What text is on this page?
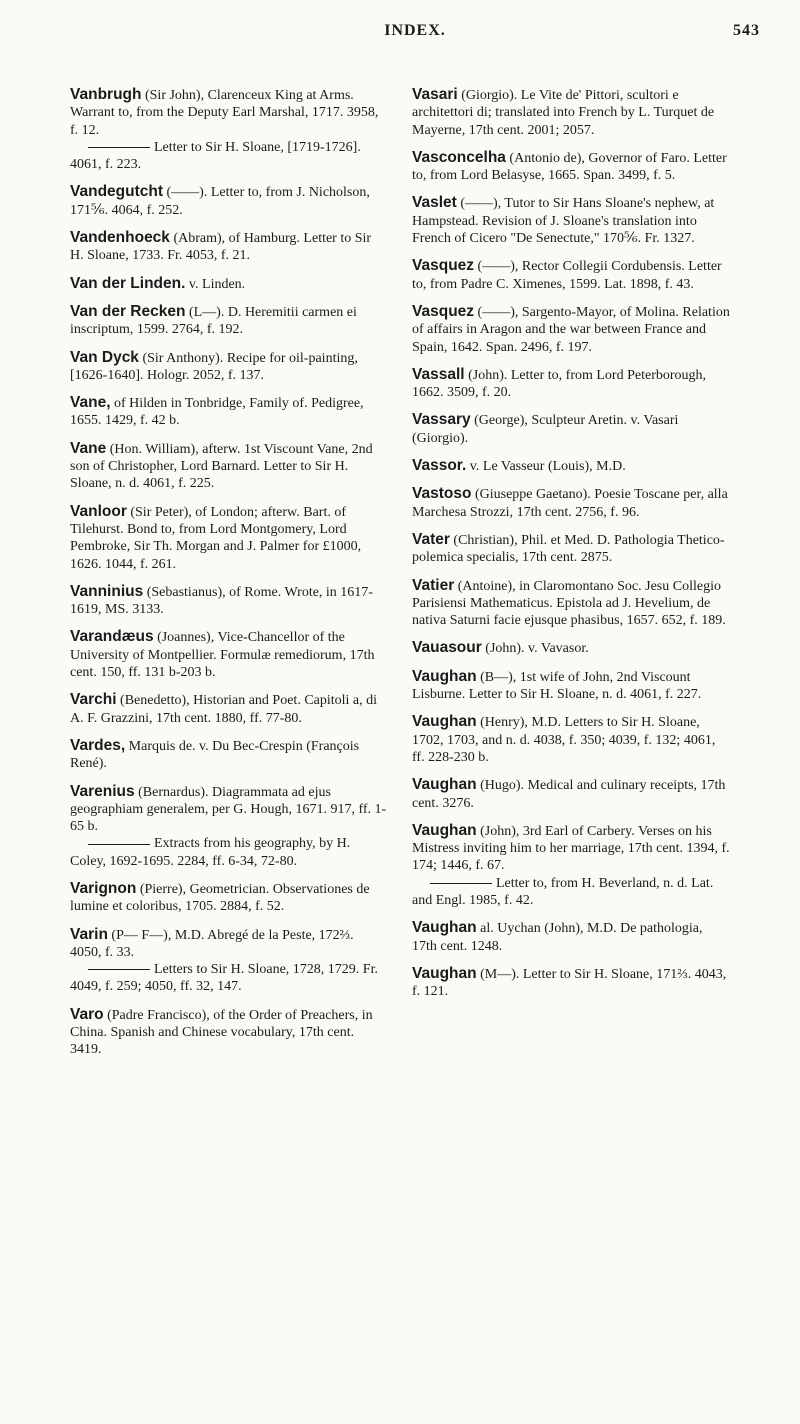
INDEX.	543
Vanbrugh (Sir John), Clarenceux King at Arms. Warrant to, from the Deputy Earl Marshal, 1717. 3958, f. 12.
Letter to Sir H. Sloane, [1719-1726]. 4061, f. 223.
Vandegutcht (——). Letter to, from J. Nicholson, 171⅚. 4064, f. 252.
Vandenhoeck (Abram), of Hamburg. Letter to Sir H. Sloane, 1733. Fr. 4053, f. 21.
Van der Linden. v. Linden.
Van der Recken (L—). D. Heremitii carmen ei inscriptum, 1599. 2764, f. 192.
Van Dyck (Sir Anthony). Recipe for oil-painting,[1626-1640]. Hologr. 2052, f. 137.
Vane, of Hilden in Tonbridge, Family of. Pedigree, 1655. 1429, f. 42 b.
Vane (Hon. William), afterw. 1st Viscount Vane, 2nd son of Christopher, Lord Barnard. Letter to Sir H. Sloane, n. d. 4061, f. 225.
Vanloor (Sir Peter), of London; afterw. Bart. of Tilehurst. Bond to, from Lord Montgomery, Lord Pembroke, Sir Th. Morgan and J. Palmer for £1000, 1626. 1044, f. 261.
Vanninius (Sebastianus), of Rome. Wrote, in 1617-1619, MS. 3133.
Varandæus (Joannes), Vice-Chancellor of the University of Montpellier. Formulæ remediorum, 17th cent. 150, ff. 131 b-203 b.
Varchi (Benedetto), Historian and Poet. Capitoli a, di A. F. Grazzini, 17th cent. 1880, ff. 77-80.
Vardes, Marquis de. v. Du Bec-Crespin (François René).
Varenius (Bernardus). Diagrammata ad ejus geographiam generalem, per G. Hough, 1671. 917, ff. 1-65 b.
Extracts from his geography, by H. Coley, 1692-1695. 2284, ff. 6-34, 72-80.
Varignon (Pierre), Geometrician. Observationes de lumine et coloribus, 1705. 2884, f. 52.
Varin (P— F—), M.D. Abregé de la Peste, 172⅔. 4050, f. 33.
Letters to Sir H. Sloane, 1728, 1729. Fr. 4049, f. 259; 4050, ff. 32, 147.
Varo (Padre Francisco), of the Order of Preachers, in China. Spanish and Chinese vocabulary, 17th cent. 3419.
Vasari (Giorgio). Le Vite de' Pittori, scultori e architettori di; translated into French by L. Turquet de Mayerne, 17th cent. 2001; 2057.
Vasconcelha (Antonio de), Governor of Faro. Letter to, from Lord Belasyse, 1665. Span. 3499, f. 5.
Vaslet (——), Tutor to Sir Hans Sloane's nephew, at Hampstead. Revision of J. Sloane's translation into French of Cicero "De Senectute," 170⅚. Fr. 1327.
Vasquez (——), Rector Collegii Cordubensis. Letter to, from Padre C. Ximenes, 1599. Lat. 1898, f. 43.
Vasquez (——), Sargento-Mayor, of Molina. Relation of affairs in Aragon and the war between France and Spain, 1642. Span. 2496, f. 197.
Vassall (John). Letter to, from Lord Peterborough, 1662. 3509, f. 20.
Vassary (George), Sculpteur Aretin. v. Vasari (Giorgio).
Vassor. v. Le Vasseur (Louis), M.D.
Vastoso (Giuseppe Gaetano). Poesie Toscane per, alla Marchesa Strozzi, 17th cent. 2756, f. 96.
Vater (Christian), Phil. et Med. D. Pathologia Thetico-polemica specialis, 17th cent. 2875.
Vatier (Antoine), in Claromontano Soc. Jesu Collegio Parisiensi Mathematicus. Epistola ad J. Hevelium, de nativa Saturni facie ejusque phasibus, 1657. 652, f. 189.
Vauasour (John). v. Vavasor.
Vaughan (B—), 1st wife of John, 2nd Viscount Lisburne. Letter to Sir H. Sloane, n. d. 4061, f. 227.
Vaughan (Henry), M.D. Letters to Sir H. Sloane, 1702, 1703, and n. d. 4038, f. 350; 4039, f. 132; 4061, ff. 228-230 b.
Vaughan (Hugo). Medical and culinary receipts, 17th cent. 3276.
Vaughan (John), 3rd Earl of Carbery. Verses on his Mistress inviting him to her marriage, 17th cent. 1394, f. 174; 1446, f. 67.
Letter to, from H. Beverland, n. d. Lat. and Engl. 1985, f. 42.
Vaughan al. Uychan (John), M.D. De pathologia, 17th cent. 1248.
Vaughan (M—). Letter to Sir H. Sloane, 171⅔. 4043, f. 121.
